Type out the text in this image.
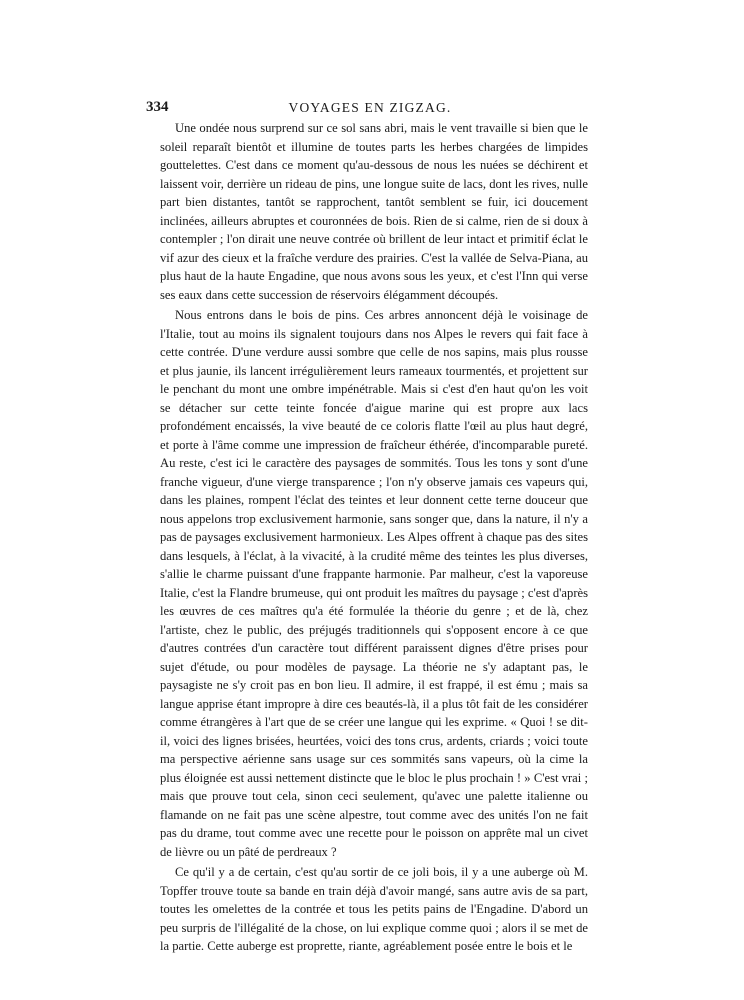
334	VOYAGES EN ZIGZAG.

Une ondée nous surprend sur ce sol sans abri, mais le vent travaille si bien que le soleil reparaît bientôt et illumine de toutes parts les herbes chargées de limpides gouttelettes. C'est dans ce moment qu'au-dessous de nous les nuées se déchirent et laissent voir, derrière un rideau de pins, une longue suite de lacs, dont les rives, nulle part bien distantes, tantôt se rapprochent, tantôt semblent se fuir, ici doucement inclinées, ailleurs abruptes et couronnées de bois. Rien de si calme, rien de si doux à contempler ; l'on dirait une neuve contrée où brillent de leur intact et primitif éclat le vif azur des cieux et la fraîche verdure des prairies. C'est la vallée de Selva-Piana, au plus haut de la haute Engadine, que nous avons sous les yeux, et c'est l'Inn qui verse ses eaux dans cette succession de réservoirs élégamment découpés.

Nous entrons dans le bois de pins. Ces arbres annoncent déjà le voisinage de l'Italie, tout au moins ils signalent toujours dans nos Alpes le revers qui fait face à cette contrée. D'une verdure aussi sombre que celle de nos sapins, mais plus rousse et plus jaunie, ils lancent irrégulièrement leurs rameaux tourmentés, et projettent sur le penchant du mont une ombre impénétrable. Mais si c'est d'en haut qu'on les voit se détacher sur cette teinte foncée d'aigue marine qui est propre aux lacs profondément encaissés, la vive beauté de ce coloris flatte l'œil au plus haut degré, et porte à l'âme comme une impression de fraîcheur éthérée, d'incomparable pureté. Au reste, c'est ici le caractère des paysages de sommités. Tous les tons y sont d'une franche vigueur, d'une vierge transparence ; l'on n'y observe jamais ces vapeurs qui, dans les plaines, rompent l'éclat des teintes et leur donnent cette terne douceur que nous appelons trop exclusivement harmonie, sans songer que, dans la nature, il n'y a pas de paysages exclusivement harmonieux. Les Alpes offrent à chaque pas des sites dans lesquels, à l'éclat, à la vivacité, à la crudité même des teintes les plus diverses, s'allie le charme puissant d'une frappante harmonie. Par malheur, c'est la vaporeuse Italie, c'est la Flandre brumeuse, qui ont produit les maîtres du paysage ; c'est d'après les œuvres de ces maîtres qu'a été formulée la théorie du genre ; et de là, chez l'artiste, chez le public, des préjugés traditionnels qui s'opposent encore à ce que d'autres contrées d'un caractère tout différent paraissent dignes d'être prises pour sujet d'étude, ou pour modèles de paysage. La théorie ne s'y adaptant pas, le paysagiste ne s'y croit pas en bon lieu. Il admire, il est frappé, il est ému ; mais sa langue apprise étant impropre à dire ces beautés-là, il a plus tôt fait de les considérer comme étrangères à l'art que de se créer une langue qui les exprime. « Quoi ! se dit-il, voici des lignes brisées, heurtées, voici des tons crus, ardents, criards ; voici toute ma perspective aérienne sans usage sur ces sommités sans vapeurs, où la cime la plus éloignée est aussi nettement distincte que le bloc le plus prochain ! » C'est vrai ; mais que prouve tout cela, sinon ceci seulement, qu'avec une palette italienne ou flamande on ne fait pas une scène alpestre, tout comme avec des unités l'on ne fait pas du drame, tout comme avec une recette pour le poisson on apprête mal un civet de lièvre ou un pâté de perdreaux ?

Ce qu'il y a de certain, c'est qu'au sortir de ce joli bois, il y a une auberge où M. Topffer trouve toute sa bande en train déjà d'avoir mangé, sans autre avis de sa part, toutes les omelettes de la contrée et tous les petits pains de l'Engadine. D'abord un peu surpris de l'illégalité de la chose, on lui explique comme quoi ; alors il se met de la partie. Cette auberge est proprette, riante, agréablement posée entre le bois et le
